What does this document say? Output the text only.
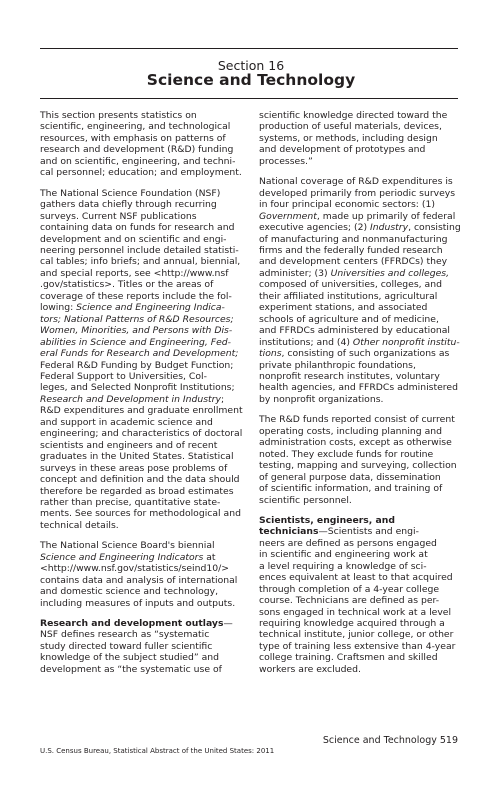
Section 16
Science and Technology

This section presents statistics on
scientific, engineering, and technological
resources, with emphasis on patterns of
research and development (R&D) funding
and on scientific, engineering, and techni-
cal personnel; education; and employment.

The National Science Foundation (NSF)
gathers data chiefly through recurring
surveys. Current NSF publications
containing data on funds for research and
development and on scientific and engi-
neering personnel include detailed statisti-
cal tables; info briefs; and annual, biennial,
and special reports, see <http://www.nsf
.gov/statistics>. Titles or the areas of
coverage of these reports include the fol-
lowing: Science and Engineering Indica-
tors; National Patterns of R&D Resources;
Women, Minorities, and Persons with Dis-
abilities in Science and Engineering, Fed-
eral Funds for Research and Development;
Federal R&D Funding by Budget Function;
Federal Support to Universities, Col-
leges, and Selected Nonprofit Institutions;
Research and Development in Industry;
R&D expenditures and graduate enrollment
and support in academic science and
engineering; and characteristics of doctoral
scientists and engineers and of recent
graduates in the United States. Statistical
surveys in these areas pose problems of
concept and definition and the data should
therefore be regarded as broad estimates
rather than precise, quantitative state-
ments. See sources for methodological and
technical details.

The National Science Board's biennial
Science and Engineering Indicators at
<http://www.nsf.gov/statistics/seind10/>
contains data and analysis of international
and domestic science and technology,
including measures of inputs and outputs.

Research and development outlays—
NSF defines research as “systematic
study directed toward fuller scientific
knowledge of the subject studied” and
development as “the systematic use of

scientific knowledge directed toward the
production of useful materials, devices,
systems, or methods, including design
and development of prototypes and
processes.”

National coverage of R&D expenditures is
developed primarily from periodic surveys
in four principal economic sectors: (1)
Government, made up primarily of federal
executive agencies; (2) Industry, consisting
of manufacturing and nonmanufacturing
firms and the federally funded research
and development centers (FFRDCs) they
administer; (3) Universities and colleges,
composed of universities, colleges, and
their affiliated institutions, agricultural
experiment stations, and associated
schools of agriculture and of medicine,
and FFRDCs administered by educational
institutions; and (4) Other nonprofit institu-
tions, consisting of such organizations as
private philanthropic foundations,
nonprofit research institutes, voluntary
health agencies, and FFRDCs administered
by nonprofit organizations.

The R&D funds reported consist of current
operating costs, including planning and
administration costs, except as otherwise
noted. They exclude funds for routine
testing, mapping and surveying, collection
of general purpose data, dissemination
of scientific information, and training of
scientific personnel.

Scientists, engineers, and
technicians—Scientists and engi-
neers are defined as persons engaged
in scientific and engineering work at
a level requiring a knowledge of sci-
ences equivalent at least to that acquired
through completion of a 4-year college
course. Technicians are defined as per-
sons engaged in technical work at a level
requiring knowledge acquired through a
technical institute, junior college, or other
type of training less extensive than 4-year
college training. Craftsmen and skilled
workers are excluded.

Science and Technology 519
U.S. Census Bureau, Statistical Abstract of the United States: 2011
